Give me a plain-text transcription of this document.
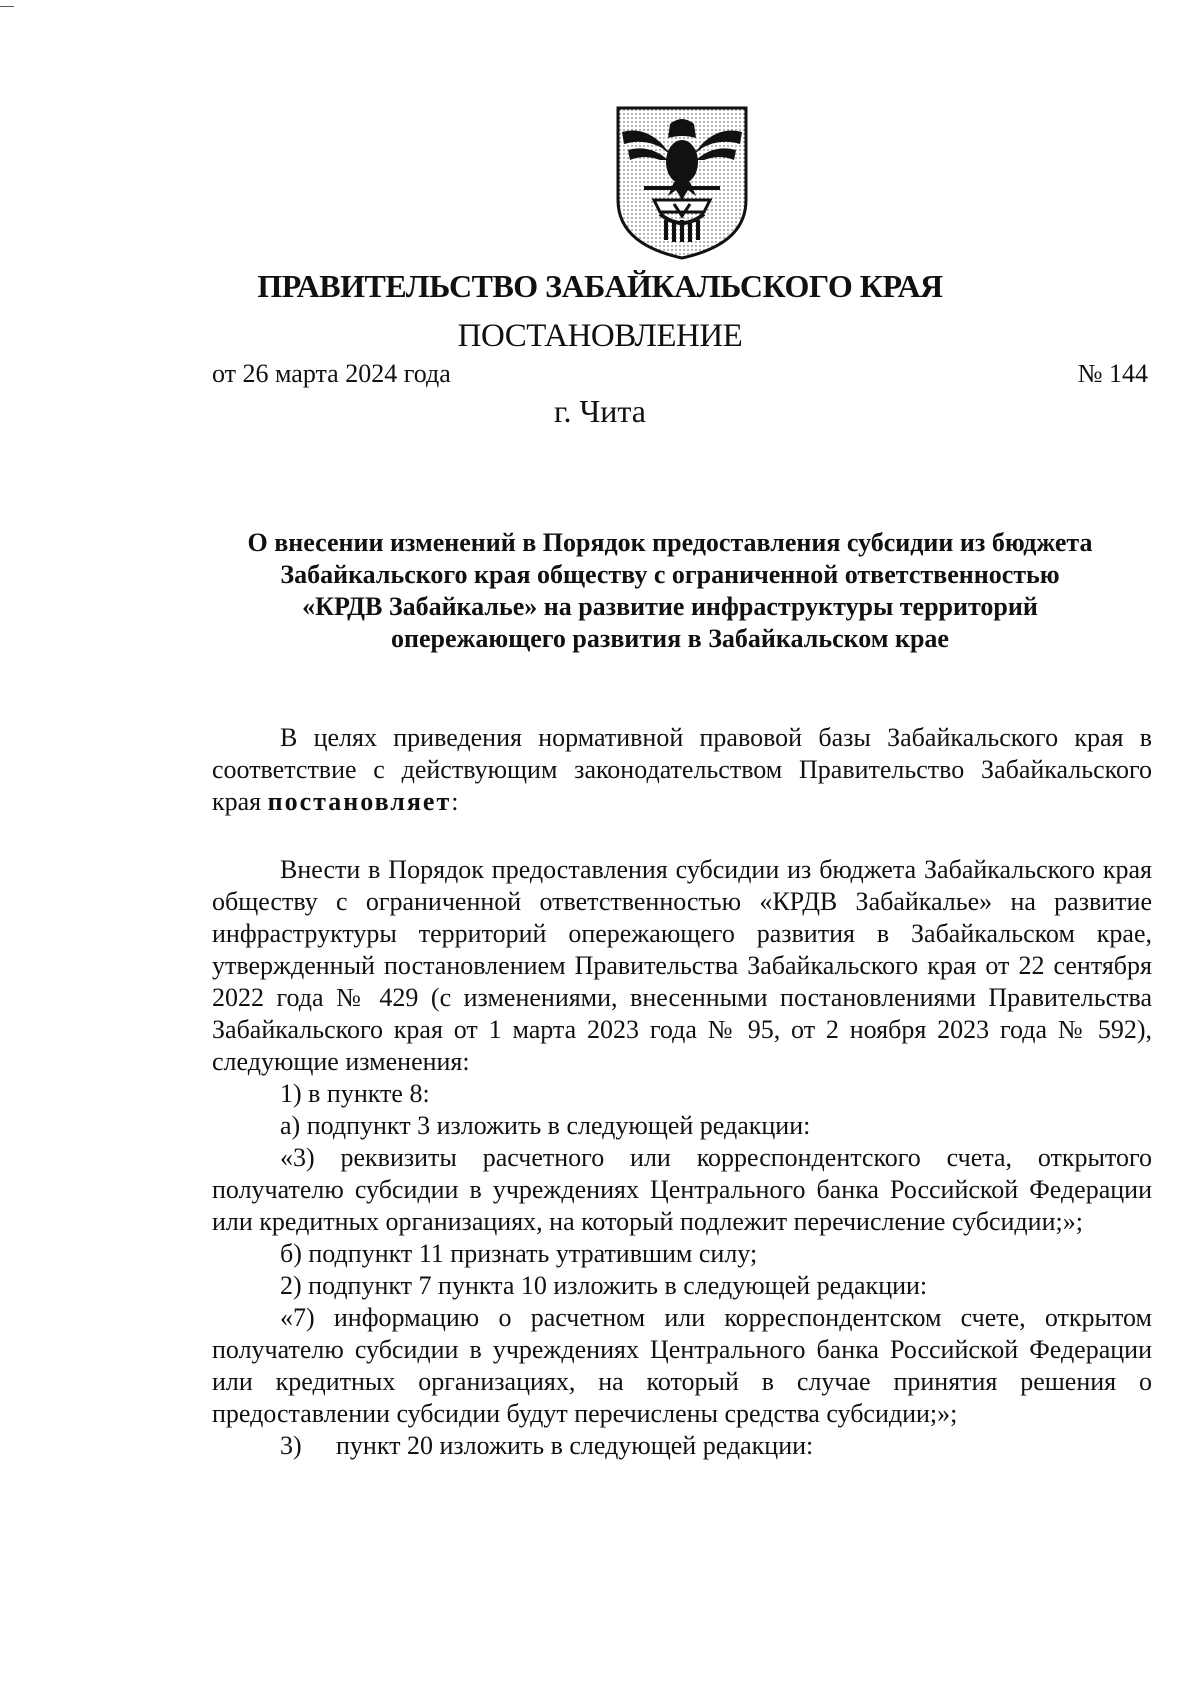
ПРАВИТЕЛЬСТВО ЗАБАЙКАЛЬСКОГО КРАЯ
ПОСТАНОВЛЕНИЕ
от 26 марта 2024 года	№ 144
г. Чита
О внесении изменений в Порядок предоставления субсидии из бюджета
Забайкальского края обществу с ограниченной ответственностью
«КРДВ Забайкалье» на развитие инфраструктуры территорий
опережающего развития в Забайкальском крае

В целях приведения нормативной правовой базы Забайкальского края в соответствие с действующим законодательством Правительство Забайкальского края постановляет:

Внести в Порядок предоставления субсидии из бюджета Забайкальского края обществу с ограниченной ответственностью «КРДВ Забайкалье» на развитие инфраструктуры территорий опережающего развития в Забайкальском крае, утвержденный постановлением Правительства Забайкальского края от 22 сентября 2022 года № 429 (с изменениями, внесенными постановлениями Правительства Забайкальского края от 1 марта 2023 года № 95, от 2 ноября 2023 года № 592), следующие изменения:

1) в пункте 8:

а) подпункт 3 изложить в следующей редакции:

«3) реквизиты расчетного или корреспондентского счета, открытого получателю субсидии в учреждениях Центрального банка Российской Федерации или кредитных организациях, на который подлежит перечисление субсидии;»;

б) подпункт 11 признать утратившим силу;

2) подпункт 7 пункта 10 изложить в следующей редакции:

«7) информацию о расчетном или корреспондентском счете, открытом получателю субсидии в учреждениях Центрального банка Российской Федерации или кредитных организациях, на который в случае принятия решения о предоставлении субсидии будут перечислены средства субсидии;»;

3) пункт 20 изложить в следующей редакции:
